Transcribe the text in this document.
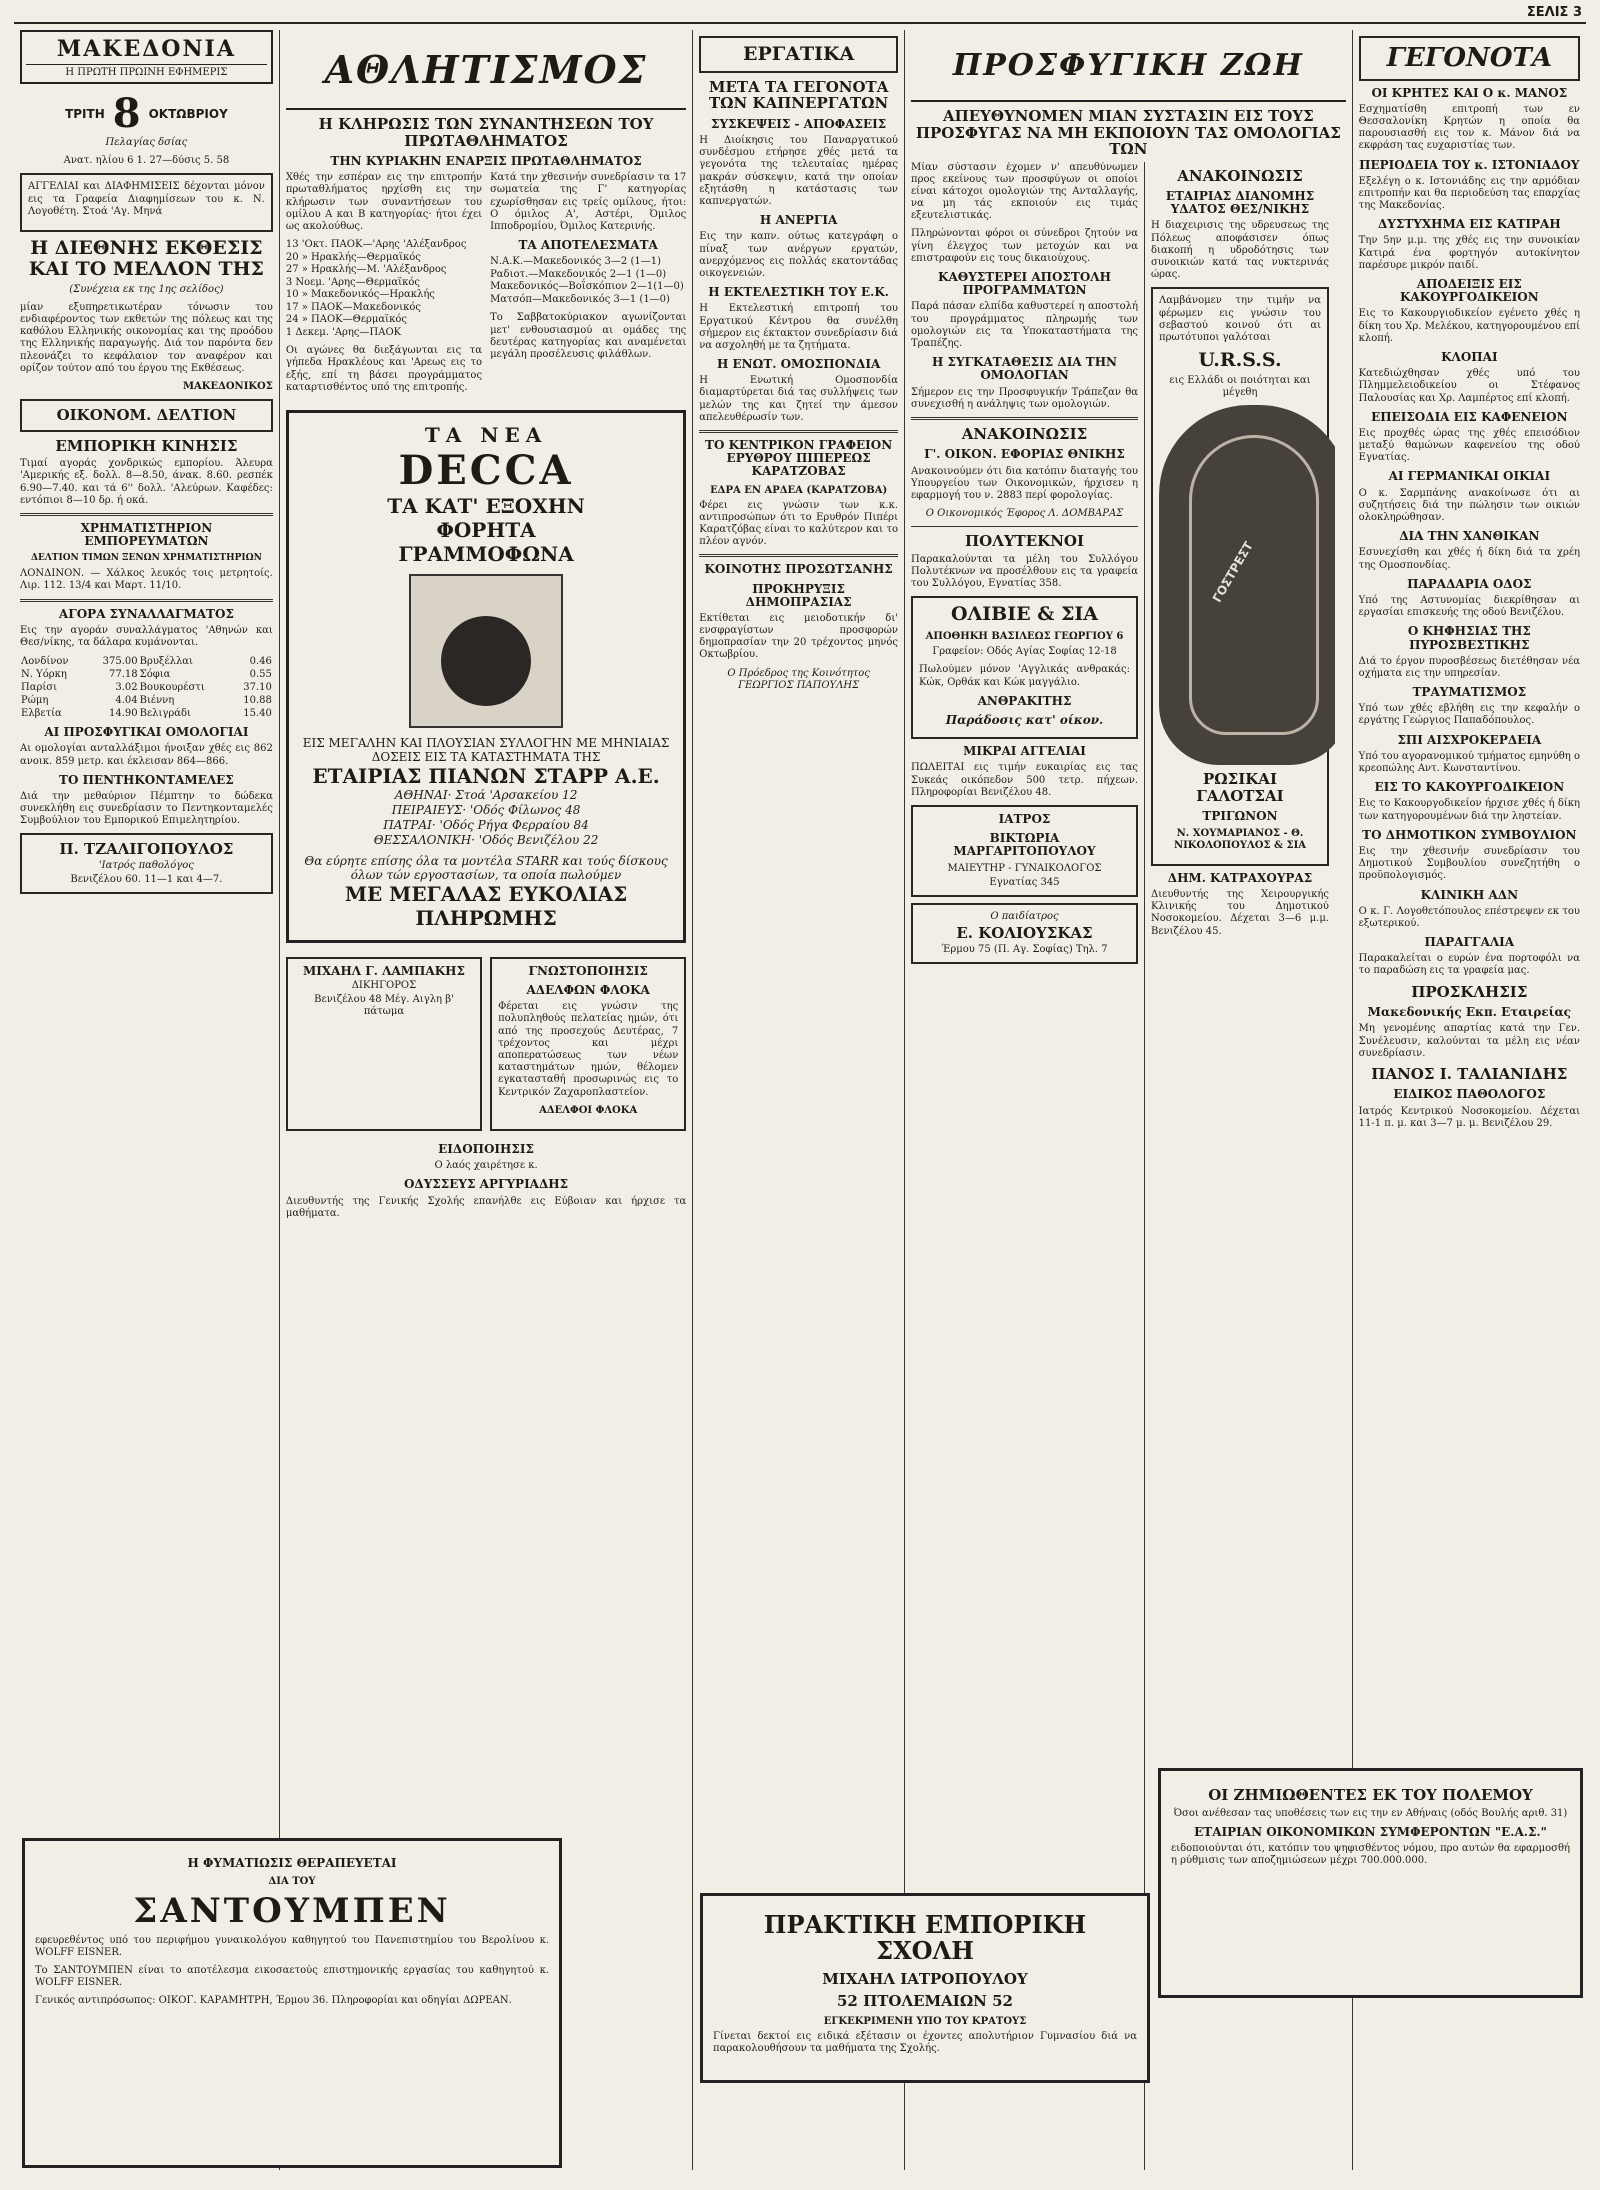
ΣΕΛΙΣ 3
ΜΑΚΕΔΟΝΙΑ
Η ΠΡΩΤΗ ΠΡΩΙΝΗ ΕΦΗΜΕΡΙΣ
ΤΡΙΤΗ 8 ΟΚΤΩΒΡΙΟΥ

Πελαγίας δσίας

Ανατ. ηλίου 6 1. 27—δύσις 5. 58

ΑΓΓΕΛΙΑΙ και ΔΙΑΦΗΜΙΣΕΙΣ δέχονται μόνον εις τα Γραφεία Διαφημίσεων του κ. Ν. Λογοθέτη. Στοά 'Αγ. Μηνά

Η ΔΙΕΘΝΗΣ ΕΚΘΕΣΙΣ ΚΑΙ ΤΟ ΜΕΛΛΟΝ ΤΗΣ

(Συνέχεια εκ της 1ης σελίδος)

μίαν εξυπηρετικωτέραν τόνωσιν του ενδιαφέροντος των εκθετών της πόλεως και της καθόλου Ελληνικής οικονομίας και της προόδου της Ελληνικής παραγωγής. Διά τον παρόντα δεν πλεονάζει το κεφάλαιον τον αναφέρον και ορίζον τούτον από του έργου της Εκθέσεως.

ΜΑΚΕΔΟΝΙΚΟΣ

ΟΙΚΟΝΟΜ. ΔΕΛΤΙΟΝ
ΕΜΠΟΡΙΚΗ ΚΙΝΗΣΙΣ

Τιμαί αγοράς χονδρικώς εμπορίου. Άλευρα 'Αμερικής εξ. δολλ. 8—8.50, άνακ. 8.60. ρεσπέκ 6.90—7.40. και τά 6'' δολλ. 'Αλεύρων. Καφέδες: εντόπιοι 8—10 δρ. ή οκά.

ΧΡΗΜΑΤΙΣΤΗΡΙΟΝ ΕΜΠΟΡΕΥΜΑΤΩΝ
ΔΕΛΤΙΟΝ ΤΙΜΩΝ ΞΕΝΩΝ ΧΡΗΜΑΤΙΣΤΗΡΙΩΝ

ΛΟΝΔΙΝΟΝ. — Χάλκος λευκός τοις μετρητοίς. Λιρ. 112. 13/4 και Μαρτ. 11/10.

ΑΓΟΡΑ ΣΥΝΑΛΛΑΓΜΑΤΟΣ

Εις την αγοράν συναλλάγματος 'Αθηνών και Θεσ/νίκης, τα δάλαρα κυμάνονται.

Λονδίνον	375.00	Βρυξέλλαι	0.46
Ν. Υόρκη	77.18	Σόφια	0.55
Παρίσι	3.02	Βουκουρέστι	37.10
Ρώμη	4.04	Βιέννη	10.88
Ελβετία	14.90	Βελιγράδι	15.40
ΑΙ ΠΡΟΣΦΥΓΙΚΑΙ ΟΜΟΛΟΓΙΑΙ

Αι ομολογίαι ανταλλάξιμοι ήνοιξαν χθές εις 862 ανοικ. 859 μετρ. και έκλεισαν 864—866.

ΤΟ ΠΕΝΤΗΚΟΝΤΑΜΕΛΕΣ

Διά την μεθαύριον Πέμπτην το δώδεκα συνεκλήθη εις συνεδρίασιν το Πεντηκονταμελές Συμβούλιον του Εμπορικού Επιμελητηρίου.

Π. ΤΖΑΛΙΓΟΠΟΥΛΟΣ

'Ιατρός παθολόγος

Βενιζέλου 60. 11—1 και 4—7.

ΑΘΛΗΤΙΣΜΟΣ
Η ΚΛΗΡΩΣΙΣ ΤΩΝ ΣΥΝΑΝΤΗΣΕΩΝ ΤΟΥ ΠΡΩΤΑΘΛΗΜΑΤΟΣ
ΤΗΝ ΚΥΡΙΑΚΗΝ ΕΝΑΡΞΙΣ ΠΡΩΤΑΘΛΗΜΑΤΟΣ

Χθές την εσπέραν εις την επιτροπήν πρωταθλήματος ηρχίσθη εις την κλήρωσιν των συναντήσεων του ομίλου Α και Β κατηγορίας· ήτοι έχει ως ακολούθως.

13 'Οκτ. ΠΑΟΚ—'Αρης 'Αλέξανδρος
20 » Ηρακλής—Θερμαϊκός
27 » Ηρακλής—Μ. 'Αλέξανδρος
3 Νοεμ. 'Αρης—Θερμαϊκός
10 » Μακεδονικός—Ηρακλής
17 » ΠΑΟΚ—Μακεδονικός
24 » ΠΑΟΚ—Θερμαϊκός
1 Δεκεμ. 'Αρης—ΠΑΟΚ

Οι αγώνες θα διεξάγωνται εις τα γήπεδα Ηρακλέους και 'Αρεως εις το εξής, επί τη βάσει προγράμματος καταρτισθέντος υπό της επιτροπής.

Κατά την χθεσινήν συνεδρίασιν τα 17 σωματεία της Γ' κατηγορίας εχωρίσθησαν εις τρείς ομίλους, ήτοι: Ο όμιλος Α', Αστέρι, Όμιλος Ιπποδρομίου, Όμιλος Κατερινής.

ΤΑ ΑΠΟΤΕΛΕΣΜΑΤΑ
Ν.Α.Κ.—Μακεδονικός 3—2 (1—1)
Ραδιοτ.—Μακεδονικός 2—1 (1—0)
Μακεδονικός—Βοΐσκόπιον 2—1(1—0)
Ματσόπ—Μακεδονικός 3—1 (1—0)

Το Σαββατοκύριακον αγωνίζονται μετ' ενθουσιασμού αι ομάδες της δευτέρας κατηγορίας και αναμένεται μεγάλη προσέλευσις φιλάθλων.

ΤΑ ΝΕΑ
DECCA
ΤΑ ΚΑΤ' ΕΞΟΧΗΝ
ΦΟΡΗΤΑ
ΓΡΑΜΜΟΦΩΝΑ
ΕΙΣ ΜΕΓΑΛΗΝ ΚΑΙ ΠΛΟΥΣΙΑΝ ΣΥΛΛΟΓΗΝ ΜΕ ΜΗΝΙΑΙΑΣ ΔΟΣΕΙΣ ΕΙΣ ΤΑ ΚΑΤΑΣΤΗΜΑΤΑ ΤΗΣ
ΕΤΑΙΡΙΑΣ ΠΙΑΝΩΝ ΣΤΑΡΡ Α.Ε.
ΑΘΗΝΑΙ· Στοά 'Αρσακείου 12
ΠΕΙΡΑΙΕΥΣ· 'Οδός Φίλωνος 48
ΠΑΤΡΑΙ· 'Οδός Ρήγα Φερραίου 84
ΘΕΣΣΑΛΟΝΙΚΗ· 'Οδός Βενιζέλου 22
Θα εύρητε επίσης όλα τα μοντέλα STARR και τούς δίσκους όλων τών εργοστασίων, τα οποία πωλούμεν
ΜΕ ΜΕΓΑΛΑΣ ΕΥΚΟΛΙΑΣ ΠΛΗΡΩΜΗΣ
ΜΙΧΑΗΛ Γ. ΛΑΜΠΑΚΗΣ

ΔΙΚΗΓΟΡΟΣ

Βενιζέλου 48 Μέγ. Αιγλη β' πάτωμα

ΓΝΩΣΤΟΠΟΙΗΣΙΣ
ΑΔΕΛΦΩΝ ΦΛΟΚΑ

Φέρεται εις γνώσιν της πολυπληθούς πελατείας ημών, ότι από της προσεχούς Δευτέρας, 7 τρέχοντος και μέχρι αποπερατώσεως των νέων καταστημάτων ημών, θέλομεν εγκατασταθή προσωρινώς εις το Κεντρικόν Ζαχαροπλαστείον.

ΑΔΕΛΦΟΙ ΦΛΟΚΑ

ΕΙΔΟΠΟΙΗΣΙΣ

Ο λαός χαιρέτησε κ.

ΟΔΥΣΣΕΥΣ ΑΡΓΥΡΙΑΔΗΣ

Διευθυντής της Γενικής Σχολής επανήλθε εις Εύβοιαν και ήρχισε τα μαθήματα.

ΕΡΓΑΤΙΚΑ
ΜΕΤΑ ΤΑ ΓΕΓΟΝΟΤΑ ΤΩΝ ΚΑΠΝΕΡΓΑΤΩΝ
ΣΥΣΚΕΨΕΙΣ - ΑΠΟΦΑΣΕΙΣ

Η Διοίκησις του Παναργατικού συνδέσμου ετήρησε χθές μετά τα γεγονότα της τελευταίας ημέρας μακράν σύσκεψιν, κατά την οποίαν εξητάσθη η κατάστασις των καπνεργατών.

Η ΑΝΕΡΓΙΑ

Εις την καπν. ούτως κατεγράφη ο πίναξ των ανέργων εργατών, ανερχόμενος εις πολλάς εκατοντάδας οικογενειών.

Η ΕΚΤΕΛΕΣΤΙΚΗ ΤΟΥ Ε.Κ.

Η Εκτελεστική επιτροπή του Εργατικού Κέντρου θα συνέλθη σήμερον εις έκτακτον συνεδρίασιν διά να ασχοληθή με τα ζητήματα.

Η ΕΝΩΤ. ΟΜΟΣΠΟΝΔΙΑ

Η Ενωτική Ομοσπονδία διαμαρτύρεται διά τας συλλήψεις των μελών της και ζητεί την άμεσον απελευθέρωσίν των.

ΤΟ ΚΕΝΤΡΙΚΟΝ ΓΡΑΦΕΙΟΝ ΕΡΥΘΡΟΥ ΠΙΠΕΡΕΩΣ ΚΑΡΑΤΖΟΒΑΣ
ΕΔΡΑ ΕΝ ΑΡΔΕΑ (ΚΑΡΑΤΖΟΒΑ)

Φέρει εις γνώσιν των κ.κ. αντιπροσώπων ότι το Ερυθρόν Πιπέρι Καρατζόβας είναι το καλύτερον και το πλέον αγνόν.

ΚΟΙΝΟΤΗΣ ΠΡΟΣΩΤΣΑΝΗΣ
ΠΡΟΚΗΡΥΞΙΣ ΔΗΜΟΠΡΑΣΙΑΣ

Εκτίθεται εις μειοδοτικήν δι' ενσφραγίστων προσφορών δημοπρασίαν την 20 τρέχοντος μηνός Οκτωβρίου.

Ο Πρόεδρος της Κοινότητος ΓΕΩΡΓΙΟΣ ΠΑΠΟΥΛΗΣ

ΠΡΟΣΦΥΓΙΚΗ ΖΩΗ
ΑΠΕΥΘΥΝΟΜΕΝ ΜΙΑΝ ΣΥΣΤΑΣΙΝ ΕΙΣ ΤΟΥΣ ΠΡΟΣΦΥΓΑΣ ΝΑ ΜΗ ΕΚΠΟΙΟΥΝ ΤΑΣ ΟΜΟΛΟΓΙΑΣ ΤΩΝ

Μίαν σύστασιν έχομεν ν' απευθύνωμεν προς εκείνους των προσφύγων οι οποίοι είναι κάτοχοι ομολογιών της Ανταλλαγής, να μη τάς εκποιούν εις τιμάς εξευτελιστικάς.

Πληρώνονται φόροι οι σύνεδροι ζητούν να γίνη έλεγχος των μετοχών και να επιστραφούν εις τους δικαιούχους.

ΚΑΘΥΣΤΕΡΕΙ ΑΠΟΣΤΟΛΗ ΠΡΟΓΡΑΜΜΑΤΩΝ

Παρά πάσαν ελπίδα καθυστερεί η αποστολή του προγράμματος πληρωμής των ομολογιών εις τα Υποκαταστήματα της Τραπέζης.

Η ΣΥΓΚΑΤΑΘΕΣΙΣ ΔΙΑ ΤΗΝ ΟΜΟΛΟΓΙΑΝ

Σήμερον εις την Προσφυγικήν Τράπεζαν θα συνεχισθή η ανάληψις των ομολογιών.

ΑΝΑΚΟΙΝΩΣΙΣ
Γ'. ΟΙΚΟΝ. ΕΦΟΡΙΑΣ ΘΝΙΚΗΣ

Ανακοινούμεν ότι δια κατόπιν διαταγής του Υπουργείου των Οικονομικών, ήρχισεν η εφαρμογή του ν. 2883 περί φορολογίας.

Ο Οικονομικός Έφορος Λ. ΔΟΜΒΑΡΑΣ

ΠΟΛΥΤΕΚΝΟΙ

Παρακαλούνται τα μέλη του Συλλόγου Πολυτέκνων να προσέλθουν εις τα γραφεία του Συλλόγου, Εγνατίας 358.

ΟΛΙΒΙΕ & ΣΙΑ
ΑΠΟΘΗΚΗ ΒΑΣΙΛΕΩΣ ΓΕΩΡΓΙΟΥ 6

Γραφείον: Οδός Αγίας Σοφίας 12-18

Πωλούμεν μόνον 'Αγγλικάς ανθρακάς: Κώκ, Ορθάκ και Κώκ μαγγάλιο.

ΑΝΘΡΑΚΙΤΗΣ
Παράδοσις κατ' οίκον.
ΜΙΚΡΑΙ ΑΓΓΕΛΙΑΙ

ΠΩΛΕΙΤΑΙ εις τιμήν ευκαιρίας εις τας Συκεάς οικόπεδον 500 τετρ. πήχεων. Πληροφορίαι Βενιζέλου 48.

ΙΑΤΡΟΣ
ΒΙΚΤΩΡΙΑ ΜΑΡΓΑΡΙΤΟΠΟΥΛΟΥ

ΜΑΙΕΥΤΗΡ - ΓΥΝΑΙΚΟΛΟΓΟΣ

Εγνατίας 345

Ο παιδίατρος

Ε. ΚΟΛΙΟΥΣΚΑΣ

Έρμου 75 (Π. Αγ. Σοφίας) Τηλ. 7

ΑΝΑΚΟΙΝΩΣΙΣ
ΕΤΑΙΡΙΑΣ ΔΙΑΝΟΜΗΣ ΥΔΑΤΟΣ ΘΕΣ/ΝΙΚΗΣ

Η διαχειρισις της υδρευσεως της Πόλεως αποφάσισεν όπως διακοπή η υδροδότησις των συνοικιών κατά τας νυκτερινάς ώρας.

Λαμβάνομεν την τιμήν να φέρωμεν εις γνώσιν του σεβαστού κοινού ότι αι πρωτότυποι γαλότσαι

U.R.S.S.

εις Ελλάδι οι ποιότηται και μέγεθη

ΓΟΣΤΡΕΣΤ
ΡΩΣΙΚΑΙ ΓΑΛΟΤΣΑΙ
ΤΡΙΓΩΝΟΝ

Ν. ΧΟΥΜΑΡΙΑΝΟΣ - Θ. ΝΙΚΟΛΟΠΟΥΛΟΣ & ΣΙΑ

ΔΗΜ. ΚΑΤΡΑΧΟΥΡΑΣ

Διευθυντής της Χειρουργικής Κλινικής του Δημοτικού Νοσοκομείου. Δέχεται 3—6 μ.μ. Βενιζέλου 45.

ΓΕΓΟΝΟΤΑ
ΟΙ ΚΡΗΤΕΣ ΚΑΙ Ο κ. ΜΑΝΟΣ

Εσχηματίσθη επιτροπή των εν Θεσσαλονίκη Κρητών η οποία θα παρουσιασθή εις τον κ. Μάνον διά να εκφράση τας ευχαριστίας των.

ΠΕΡΙΟΔΕΙΑ ΤΟΥ κ. ΙΣΤΟΝΙΑΔΟΥ

Εξελέγη ο κ. Ιστονιάδης εις την αρμόδιαν επιτροπήν και θα περιοδεύση τας επαρχίας της Μακεδονίας.

ΔΥΣΤΥΧΗΜΑ ΕΙΣ ΚΑΤΙΡΑΗ

Την 5ην μ.μ. της χθές εις την συνοικίαν Κατιρά ένα φορτηγόν αυτοκίνητον παρέσυρε μικρόν παιδί.

ΑΠΟΔΕΙΞΙΣ ΕΙΣ ΚΑΚΟΥΡΓΟΔΙΚΕΙΟΝ

Εις το Κακουργιοδικείον εγένετο χθές η δίκη του Χρ. Μελέκου, κατηγορουμένου επί κλοπή.

ΚΛΟΠΑΙ

Κατεδιώχθησαν χθές υπό του Πλημμελειοδικείου οι Στέφανος Παλουσίας και Χρ. Λαμπέρτος επί κλοπή.

ΕΠΕΙΣΟΔΙΑ ΕΙΣ ΚΑΦΕΝΕΙΟΝ

Εις προχθές ώρας της χθές επεισόδιον μεταξύ θαμώνων καφενείου της οδού Εγνατίας.

ΑΙ ΓΕΡΜΑΝΙΚΑΙ ΟΙΚΙΑΙ

Ο κ. Σαρμπάνης ανακοίνωσε ότι αι συζητήσεις διά την πώλησιν των οικιών ολοκληρώθησαν.

ΔΙΑ ΤΗΝ ΧΑΝΘΙΚΑΝ

Εσυνεχίσθη και χθές ή δίκη διά τα χρέη της Ομοσπονδίας.

ΠΑΡΑΔΑΡΙΑ ΟΔΟΣ

Υπό της Αστυνομίας διεκρίθησαν αι εργασίαι επισκευής της οδού Βενιζέλου.

Ο ΚΗΦΗΣΙΑΣ ΤΗΣ ΠΥΡΟΣΒΕΣΤΙΚΗΣ

Διά το έργον πυροσβέσεως διετέθησαν νέα οχήματα εις την υπηρεσίαν.

ΤΡΑΥΜΑΤΙΣΜΟΣ

Υπό των χθές εβλήθη εις την κεφαλήν ο εργάτης Γεώργιος Παπαδόπουλος.

ΣΠΙ ΑΙΣΧΡΟΚΕΡΔΕΙΑ

Υπό του αγορανομικού τμήματος εμηνύθη ο κρεοπώλης Αντ. Κωνσταντίνου.

ΕΙΣ ΤΟ ΚΑΚΟΥΡΓΟΔΙΚΕΙΟΝ

Εις το Κακουργοδικείον ήρχισε χθές ή δίκη των κατηγορουμένων διά την ληστείαν.

ΤΟ ΔΗΜΟΤΙΚΟΝ ΣΥΜΒΟΥΛΙΟΝ

Εις την χθεσινήν συνεδρίασιν του Δημοτικού Συμβουλίου συνεζητήθη ο προϋπολογισμός.

ΚΛΙΝΙΚΗ ΑΔΝ

Ο κ. Γ. Λογοθετόπουλος επέστρεψεν εκ του εξωτερικού.

ΠΑΡΑΓΓΑΛΙΑ

Παρακαλείται ο ευρών ένα πορτοφόλι να το παραδώση εις τα γραφεία μας.

ΠΡΟΣΚΛΗΣΙΣ
Μακεδονικής Εκπ. Εταιρείας

Μη γενομένης απαρτίας κατά την Γεν. Συνέλευσιν, καλούνται τα μέλη εις νέαν συνεδρίασιν.

ΠΑΝΟΣ Ι. ΤΑΛΙΑΝΙΔΗΣ
ΕΙΔΙΚΟΣ ΠΑΘΟΛΟΓΟΣ

Ιατρός Κεντρικού Νοσοκομείου. Δέχεται 11-1 π. μ. και 3—7 μ. μ. Βενιζέλου 29.

Η ΦΥΜΑΤΙΩΣΙΣ ΘΕΡΑΠΕΥΕΤΑΙ
ΔΙΑ ΤΟΥ
ΣΑΝΤΟΥΜΠΕΝ

εφευρεθέντος υπό του περιφήμου γυναικολόγου καθηγητού του Πανεπιστημίου του Βερολίνου κ. WOLFF EISNER.

Το ΣΑΝΤΟΥΜΠΕΝ είναι το αποτέλεσμα εικοσαετούς επιστημονικής εργασίας του καθηγητού κ. WOLFF EISNER.

Γενικός αντιπρόσωπος: ΟΙΚΟΓ. ΚΑΡΑΜΗΤΡΗ, Έρμου 36. Πληροφορίαι και οδηγίαι ΔΩΡΕΑΝ.

ΠΡΑΚΤΙΚΗ ΕΜΠΟΡΙΚΗ ΣΧΟΛΗ
ΜΙΧΑΗΛ ΙΑΤΡΟΠΟΥΛΟΥ
52 ΠΤΟΛΕΜΑΙΩΝ 52
ΕΓΚΕΚΡΙΜΕΝΗ ΥΠΟ ΤΟΥ ΚΡΑΤΟΥΣ

Γίνεται δεκτοί εις ειδικά εξέτασιν οι έχοντες απολυτήριον Γυμνασίου διά να παρακολουθήσουν τα μαθήματα της Σχολής.

ΟΙ ΖΗΜΙΩΘΕΝΤΕΣ ΕΚ ΤΟΥ ΠΟΛΕΜΟΥ

Όσοι ανέθεσαν τας υποθέσεις των εις την εν Αθήναις (οδός Βουλής αριθ. 31)

ΕΤΑΙΡΙΑΝ ΟΙΚΟΝΟΜΙΚΩΝ ΣΥΜΦΕΡΟΝΤΩΝ "Ε.Α.Σ."

ειδοποιούνται ότι, κατόπιν του ψηφισθέντος νόμου, προ αυτών θα εφαρμοσθή η ρύθμισις των αποζημιώσεων μέχρι 700.000.000.
